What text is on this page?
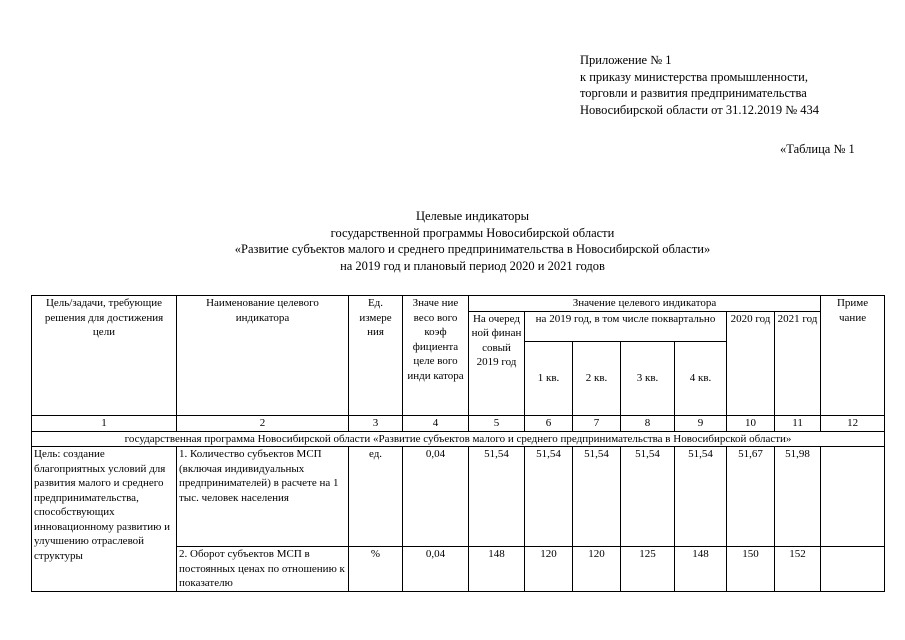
Приложение № 1
к приказу министерства промышленности,
торговли и развития предпринимательства
Новосибирской области от 31.12.2019 № 434
«Таблица № 1
Целевые индикаторы
государственной программы Новосибирской области
«Развитие субъектов малого и среднего предпринимательства в Новосибирской области»
на 2019 год и плановый период 2020 и 2021 годов
Цель/задачи, требующие решения для достижения цели	Наименование целевого индикатора	Ед. измере ния	Значе ние весо вого коэф фициента целе вого инди катора	Значение целевого индикатора							Приме чание
				На очеред ной финан совый 2019 год	на 2019 год, в том числе поквартально				2020 год	2021 год	
					1 кв.	2 кв.	3 кв.	4 кв.			
1	2	3	4	5	6	7	8	9	10	11	12
государственная программа Новосибирской области «Развитие субъектов малого и среднего предпринимательства в Новосибирской области»											
Цель: создание благоприятных условий для развития малого и среднего предпринимательства, способствующих инновационному развитию и улучшению отраслевой структуры	1. Количество субъектов МСП (включая индивидуальных предпринимателей) в расчете на 1 тыс. человек населения	ед.	0,04	51,54	51,54	51,54	51,54	51,54	51,67	51,98	
	2. Оборот субъектов МСП в постоянных ценах по отношению к показателю	%	0,04	148	120	120	125	148	150	152	
